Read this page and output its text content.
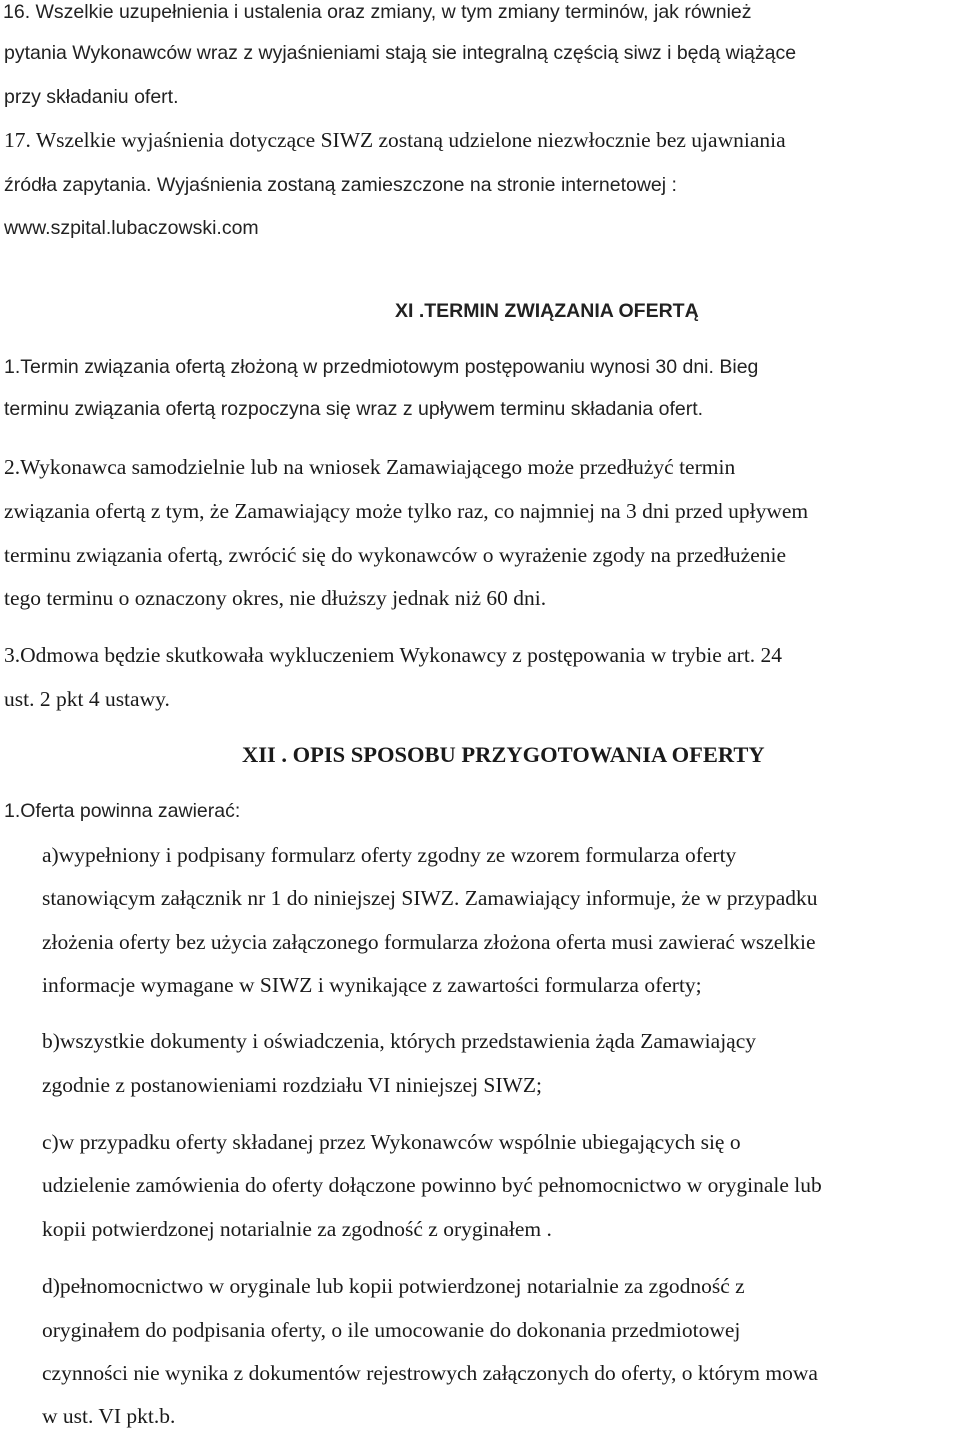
16. Wszelkie uzupełnienia i ustalenia oraz zmiany, w tym zmiany terminów, jak również
pytania Wykonawców wraz z wyjaśnieniami stają sie integralną częścią siwz i będą wiążące
przy składaniu ofert.
17. Wszelkie wyjaśnienia dotyczące SIWZ zostaną udzielone niezwłocznie bez ujawniania
źródła zapytania. Wyjaśnienia zostaną zamieszczone na stronie internetowej :
www.szpital.lubaczowski.com
XI .TERMIN ZWIĄZANIA OFERTĄ
1.Termin związania ofertą złożoną w przedmiotowym postępowaniu wynosi 30 dni. Bieg
terminu związania ofertą rozpoczyna się wraz z upływem terminu składania ofert.
2.Wykonawca samodzielnie lub na wniosek Zamawiającego może przedłużyć termin
związania ofertą z tym, że Zamawiający może tylko raz, co najmniej na 3 dni przed upływem
terminu związania ofertą, zwrócić się do wykonawców o wyrażenie zgody na przedłużenie
tego terminu o oznaczony okres, nie dłuższy jednak niż 60 dni.
3.Odmowa będzie skutkowała wykluczeniem Wykonawcy z postępowania w trybie art. 24
ust. 2 pkt 4 ustawy.
XII . OPIS SPOSOBU PRZYGOTOWANIA OFERTY
1.Oferta powinna zawierać:
a)wypełniony i podpisany formularz oferty zgodny ze wzorem formularza oferty
stanowiącym załącznik nr 1 do niniejszej SIWZ. Zamawiający informuje, że w przypadku
złożenia oferty bez użycia załączonego formularza złożona oferta musi zawierać wszelkie
informacje wymagane w SIWZ i wynikające z zawartości formularza oferty;
b)wszystkie dokumenty i oświadczenia, których przedstawienia żąda Zamawiający
zgodnie z postanowieniami rozdziału VI niniejszej SIWZ;
c)w przypadku oferty składanej przez Wykonawców wspólnie ubiegających się o
udzielenie zamówienia do oferty dołączone powinno być pełnomocnictwo w oryginale lub
kopii potwierdzonej notarialnie za zgodność z oryginałem .
d)pełnomocnictwo w oryginale lub kopii potwierdzonej notarialnie za zgodność z
oryginałem do podpisania oferty, o ile umocowanie do dokonania przedmiotowej
czynności nie wynika z dokumentów rejestrowych załączonych do oferty, o którym mowa
w ust. VI pkt.b.
